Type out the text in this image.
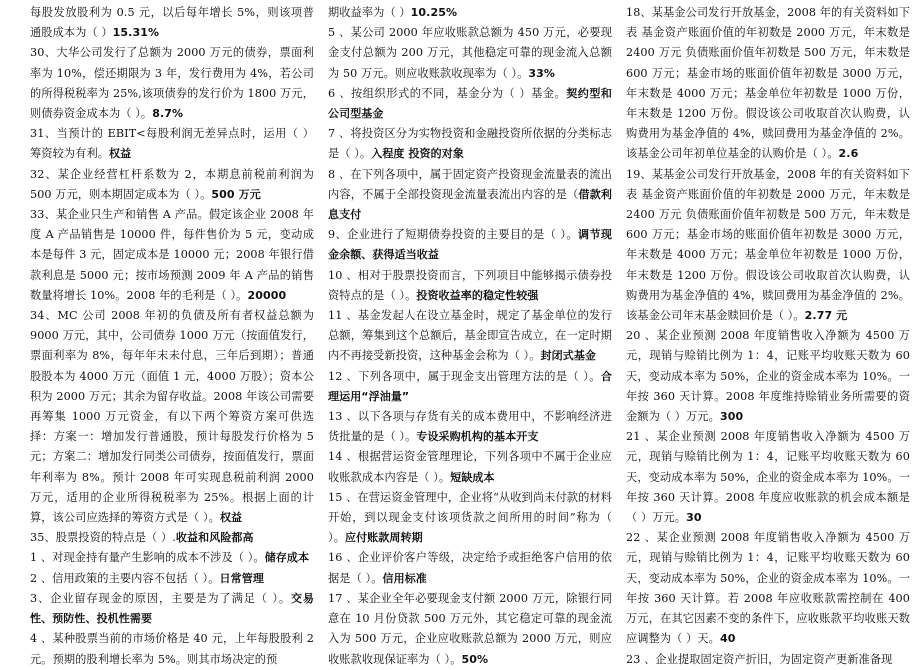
每股发放股利为 0.5 元，以后每年增长 5%，则该项普通股成本为（ ）15.31%

30、大华公司发行了总额为 2000 万元的债券，票面利率为 10%，偿还期限为 3 年，发行费用为 4%，若公司的所得税税率为 25%,该项债券的发行价为 1800 万元，则债券资金成本为（ ）。8.7%

31、当预计的 EBIT<每股利润无差异点时，运用（ ）筹资较为有利。权益

32、某企业经营杠杆系数为 2，本期息前税前利润为 500 万元，则本期固定成本为（ ）。500 万元

33、某企业只生产和销售 A 产品。假定该企业 2008 年度 A 产品销售是 10000 件，每件售价为 5 元，变动成本是每件 3 元，固定成本是 10000 元；2008 年银行借款利息是 5000 元；按市场预测 2009 年 A 产品的销售数量将增长 10%。2008 年的毛利是（ ）。20000

34、MC 公司 2008 年初的负债及所有者权益总额为 9000 万元，其中，公司债券 1000 万元（按面值发行，票面利率为 8%，每年年末未付息，三年后到期）；普通股股本为 4000 万元（面值 1 元，4000 万股）；资本公积为 2000 万元；其余为留存收益。2008 年该公司需要再筹集 1000 万元资金，有以下两个筹资方案可供选择：方案一：增加发行普通股，预计每股发行价格为 5 元；方案二：增加发行同类公司债券，按面值发行，票面年利率为 8%。预计 2008 年可实现息税前利润 2000 万元，适用的企业所得税税率为 25%。根据上面的计算，该公司应选择的筹资方式是（ ）。权益

35、股票投资的特点是（ ）.收益和风险都高

1 、对现金持有量产生影响的成本不涉及（ ）。储存成本

2 、信用政策的主要内容不包括（ ）。日常管理

3、企业留存现金的原因，主要是为了满足（ ）。交易性、预防性、投机性需要

4 、某种股票当前的市场价格是 40 元，上年每股股利 2 元。预期的股利增长率为 5%。则其市场决定的预

期收益率为（ ）10.25%

5 、某公司 2000 年应收账款总额为 450 万元，必要现金支付总额为 200 万元，其他稳定可靠的现金流入总额为 50 万元。则应收账款收现率为（ ）。33%

6 、按组织形式的不同，基金分为（ ）基金。契约型和公司型基金

7 、将投资区分为实物投资和金融投资所依据的分类标志是（ ）。入程度 投资的对象

8 、在下列各项中，属于固定资产投资现金流量表的流出内容，不属于全部投资现金流量表流出内容的是（借款利息支付

9、企业进行了短期债券投资的主要目的是（ ）。调节现金余额、获得适当收益

10 、相对于股票投资而言，下列项目中能够揭示债券投资特点的是（ ）。投资收益率的稳定性较强

11 、基金发起人在设立基金时，规定了基金单位的发行总额，筹集到这个总额后，基金即宣告成立，在一定时期内不再接受新投资，这种基金会称为（ ）。封闭式基金

12 、下列各项中，属于现金支出管理方法的是（ ）。合理运用“浮油量”

13 、以下各项与存货有关的成本费用中，不影响经济进货批量的是（ ）。专设采购机构的基本开支

14 、根据营运资金管理理论，下列各项中不属于企业应收账款成本内容是（ ）。短缺成本

15 、在营运资金管理中，企业将“从收到尚未付款的材料开始，到以现金支付该项货款之间所用的时间”称为（ ）。应付账款周转期

16 、企业评价客户等级，决定给予或拒绝客户信用的依据是（ ）。信用标准

17 、某企业全年必要现金支付额 2000 万元，除银行同意在 10 月份贷款 500 万元外，其它稳定可靠的现金流入为 500 万元，企业应收账款总额为 2000 万元，则应收账款收现保证率为（ ）。50%

18、某基金公司发行开放基金，2008 年的有关资料如下表 基金资产账面价值的年初数是 2000 万元，年末数是 2400 万元 负债账面价值年初数是 500 万元，年末数是 600 万元；基金市场的账面价值年初数是 3000 万元，年末数是 4000 万元；基金单位年初数是 1000 万份，年末数是 1200 万份。假设该公司收取首次认购费，认购费用为基金净值的 4%，赎回费用为基金净值的 2%。该基金公司年初单位基金的认购价是（ ）。2.6

19、某基金公司发行开放基金，2008 年的有关资料如下表 基金资产账面价值的年初数是 2000 万元，年末数是 2400 万元 负债账面价值年初数是 500 万元，年末数是 600 万元；基金市场的账面价值年初数是 3000 万元，年末数是 4000 万元；基金单位年初数是 1000 万份，年末数是 1200 万份。假设该公司收取首次认购费，认购费用为基金净值的 4%，赎回费用为基金净值的 2%。该基金公司年末基金赎回价是（ ）。2.77 元

20 、某企业预测 2008 年度销售收入净额为 4500 万元，现销与赊销比例为 1：4，记账平均收账天数为 60 天，变动成本率为 50%，企业的资金成本率为 10%。一年按 360 天计算。2008 年度维持赊销业务所需要的资金额为（ ）万元。300

21 、某企业预测 2008 年度销售收入净额为 4500 万元，现销与赊销比例为 1：4，记账平均收账天数为 60 天，变动成本率为 50%，企业的资金成本率为 10%。一年按 360 天计算。2008 年度应收账款的机会成本额是（ ）万元。30

22 、某企业预测 2008 年度销售收入净额为 4500 万元，现销与赊销比例为 1：4，记账平均收账天数为 60 天，变动成本率为 50%，企业的资金成本率为 10%。一年按 360 天计算。若 2008 年应收账款需控制在 400 万元，在其它因素不变的条件下，应收账款平均收账天数应调整为（ ）天。40

23 、企业提取固定资产折旧，为固定资产更新准备现
